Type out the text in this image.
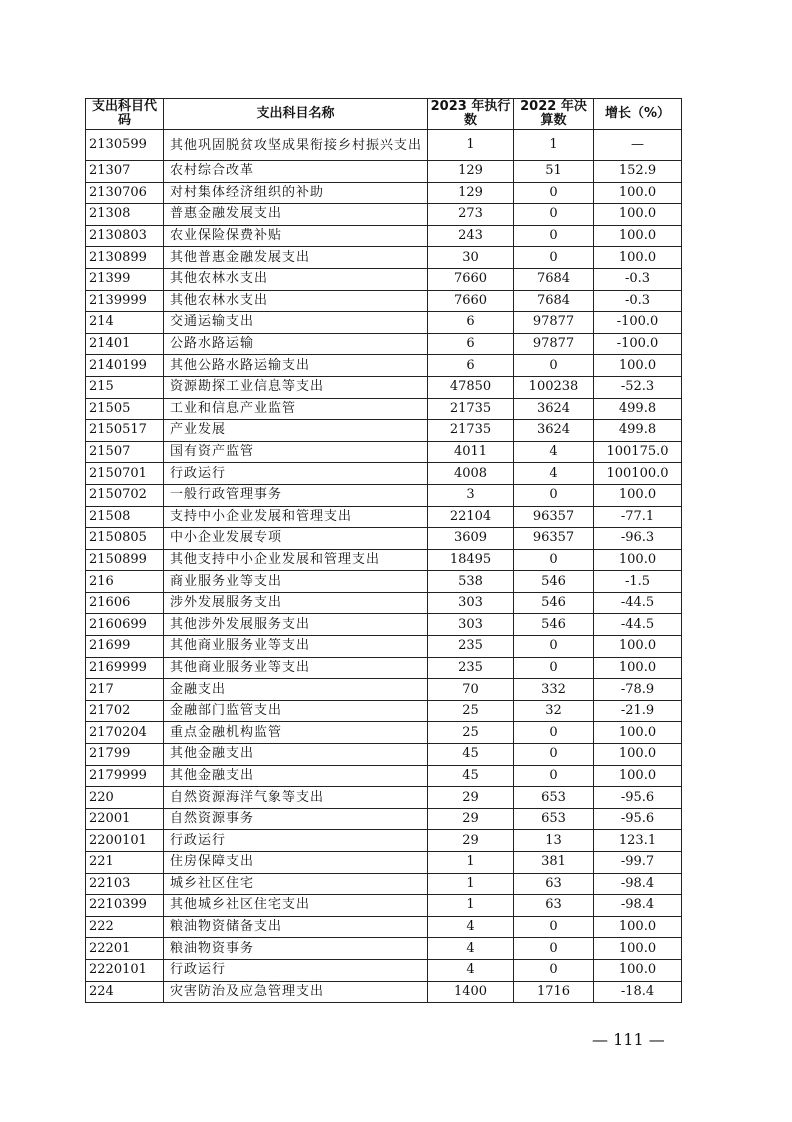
支出科目代码	支出科目名称	2023 年执行数	2022 年决算数	增长（%）
2130599	其他巩固脱贫攻坚成果衔接乡村振兴支出	1	1	—
21307	农村综合改革	129	51	152.9
2130706	对村集体经济组织的补助	129	0	100.0
21308	普惠金融发展支出	273	0	100.0
2130803	农业保险保费补贴	243	0	100.0
2130899	其他普惠金融发展支出	30	0	100.0
21399	其他农林水支出	7660	7684	-0.3
2139999	其他农林水支出	7660	7684	-0.3
214	交通运输支出	6	97877	-100.0
21401	公路水路运输	6	97877	-100.0
2140199	其他公路水路运输支出	6	0	100.0
215	资源勘探工业信息等支出	47850	100238	-52.3
21505	工业和信息产业监管	21735	3624	499.8
2150517	产业发展	21735	3624	499.8
21507	国有资产监管	4011	4	100175.0
2150701	行政运行	4008	4	100100.0
2150702	一般行政管理事务	3	0	100.0
21508	支持中小企业发展和管理支出	22104	96357	-77.1
2150805	中小企业发展专项	3609	96357	-96.3
2150899	其他支持中小企业发展和管理支出	18495	0	100.0
216	商业服务业等支出	538	546	-1.5
21606	涉外发展服务支出	303	546	-44.5
2160699	其他涉外发展服务支出	303	546	-44.5
21699	其他商业服务业等支出	235	0	100.0
2169999	其他商业服务业等支出	235	0	100.0
217	金融支出	70	332	-78.9
21702	金融部门监管支出	25	32	-21.9
2170204	重点金融机构监管	25	0	100.0
21799	其他金融支出	45	0	100.0
2179999	其他金融支出	45	0	100.0
220	自然资源海洋气象等支出	29	653	-95.6
22001	自然资源事务	29	653	-95.6
2200101	行政运行	29	13	123.1
221	住房保障支出	1	381	-99.7
22103	城乡社区住宅	1	63	-98.4
2210399	其他城乡社区住宅支出	1	63	-98.4
222	粮油物资储备支出	4	0	100.0
22201	粮油物资事务	4	0	100.0
2220101	行政运行	4	0	100.0
224	灾害防治及应急管理支出	1400	1716	-18.4
— 111 —
